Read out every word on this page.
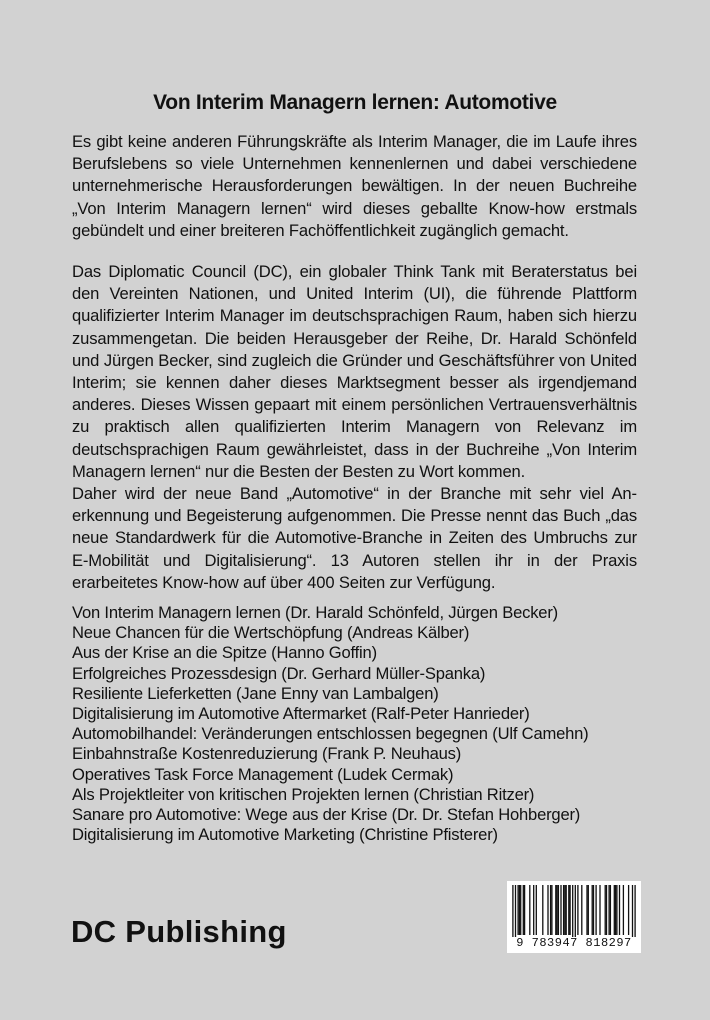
Von Interim Managern lernen: Automotive
Es gibt keine anderen Führungskräfte als Interim Manager, die im Laufe ihres Berufslebens so viele Unternehmen kennenlernen und dabei verschiedene unternehmerische Herausforderungen bewältigen. In der neuen Buchreihe „Von Interim Managern lernen“ wird dieses geballte Know-how erstmals gebündelt und einer breiteren Fachöffentlichkeit zugänglich gemacht.
Das Diplomatic Council (DC), ein globaler Think Tank mit Beraterstatus bei den Vereinten Nationen, und United Interim (UI), die führende Plattform qualifizierter Interim Manager im deutschsprachigen Raum, haben sich hierzu zusammengetan. Die beiden Herausgeber der Reihe, Dr. Harald Schönfeld und Jürgen Becker, sind zugleich die Gründer und Geschäftsführer von United Interim; sie kennen daher dieses Marktsegment besser als irgendjemand anderes. Dieses Wissen gepaart mit einem persönlichen Vertrauensverhältnis zu praktisch allen qualifizierten Interim Managern von Relevanz im deutschsprachigen Raum gewährleistet, dass in der Buchreihe „Von Interim Managern lernen“ nur die Besten der Besten zu Wort kommen.
Daher wird der neue Band „Automotive“ in der Branche mit sehr viel Anerkennung und Begeisterung aufgenommen. Die Presse nennt das Buch „das neue Standardwerk für die Automotive-Branche in Zeiten des Umbruchs zur E-Mobilität und Digitalisierung“. 13 Autoren stellen ihr in der Praxis erarbeitetes Know-how auf über 400 Seiten zur Verfügung.
Von Interim Managern lernen (Dr. Harald Schönfeld, Jürgen Becker)
Neue Chancen für die Wertschöpfung (Andreas Kälber)
Aus der Krise an die Spitze (Hanno Goffin)
Erfolgreiches Prozessdesign (Dr. Gerhard Müller-Spanka)
Resiliente Lieferketten (Jane Enny van Lambalgen)
Digitalisierung im Automotive Aftermarket (Ralf-Peter Hanrieder)
Automobilhandel: Veränderungen entschlossen begegnen (Ulf Camehn)
Einbahnstraße Kostenreduzierung (Frank P. Neuhaus)
Operatives Task Force Management (Ludek Cermak)
Als Projektleiter von kritischen Projekten lernen (Christian Ritzer)
Sanare pro Automotive: Wege aus der Krise (Dr. Dr. Stefan Hohberger)
Digitalisierung im Automotive Marketing (Christine Pfisterer)
DC Publishing	9 783947 818297
